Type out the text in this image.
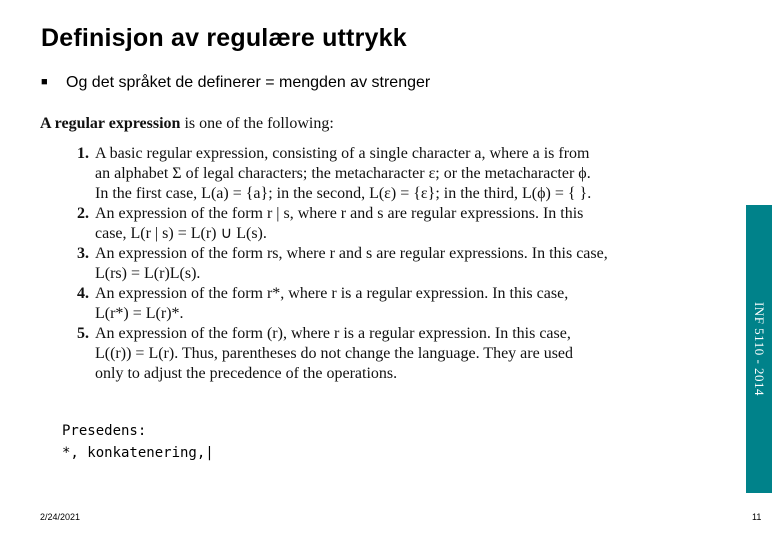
Definisjon av regulære uttrykk
■ Og det språket de definerer = mengden av strenger
A regular expression is one of the following:
1. A basic regular expression, consisting of a single character a, where a is from
an alphabet Σ of legal characters; the metacharacter ε; or the metacharacter ϕ.
In the first case, L(a) = {a}; in the second, L(ε) = {ε}; in the third, L(ϕ) = { }.
2. An expression of the form r | s, where r and s are regular expressions. In this
case, L(r | s) = L(r) ∪ L(s).
3. An expression of the form rs, where r and s are regular expressions. In this case,
L(rs) = L(r)L(s).
4. An expression of the form r*, where r is a regular expression. In this case,
L(r*) = L(r)*.
5. An expression of the form (r), where r is a regular expression. In this case,
L((r)) = L(r). Thus, parentheses do not change the language. They are used
only to adjust the precedence of the operations.
Presedens:
*, konkatenering,|
INF 5110 - 2014
2/24/2021	11
